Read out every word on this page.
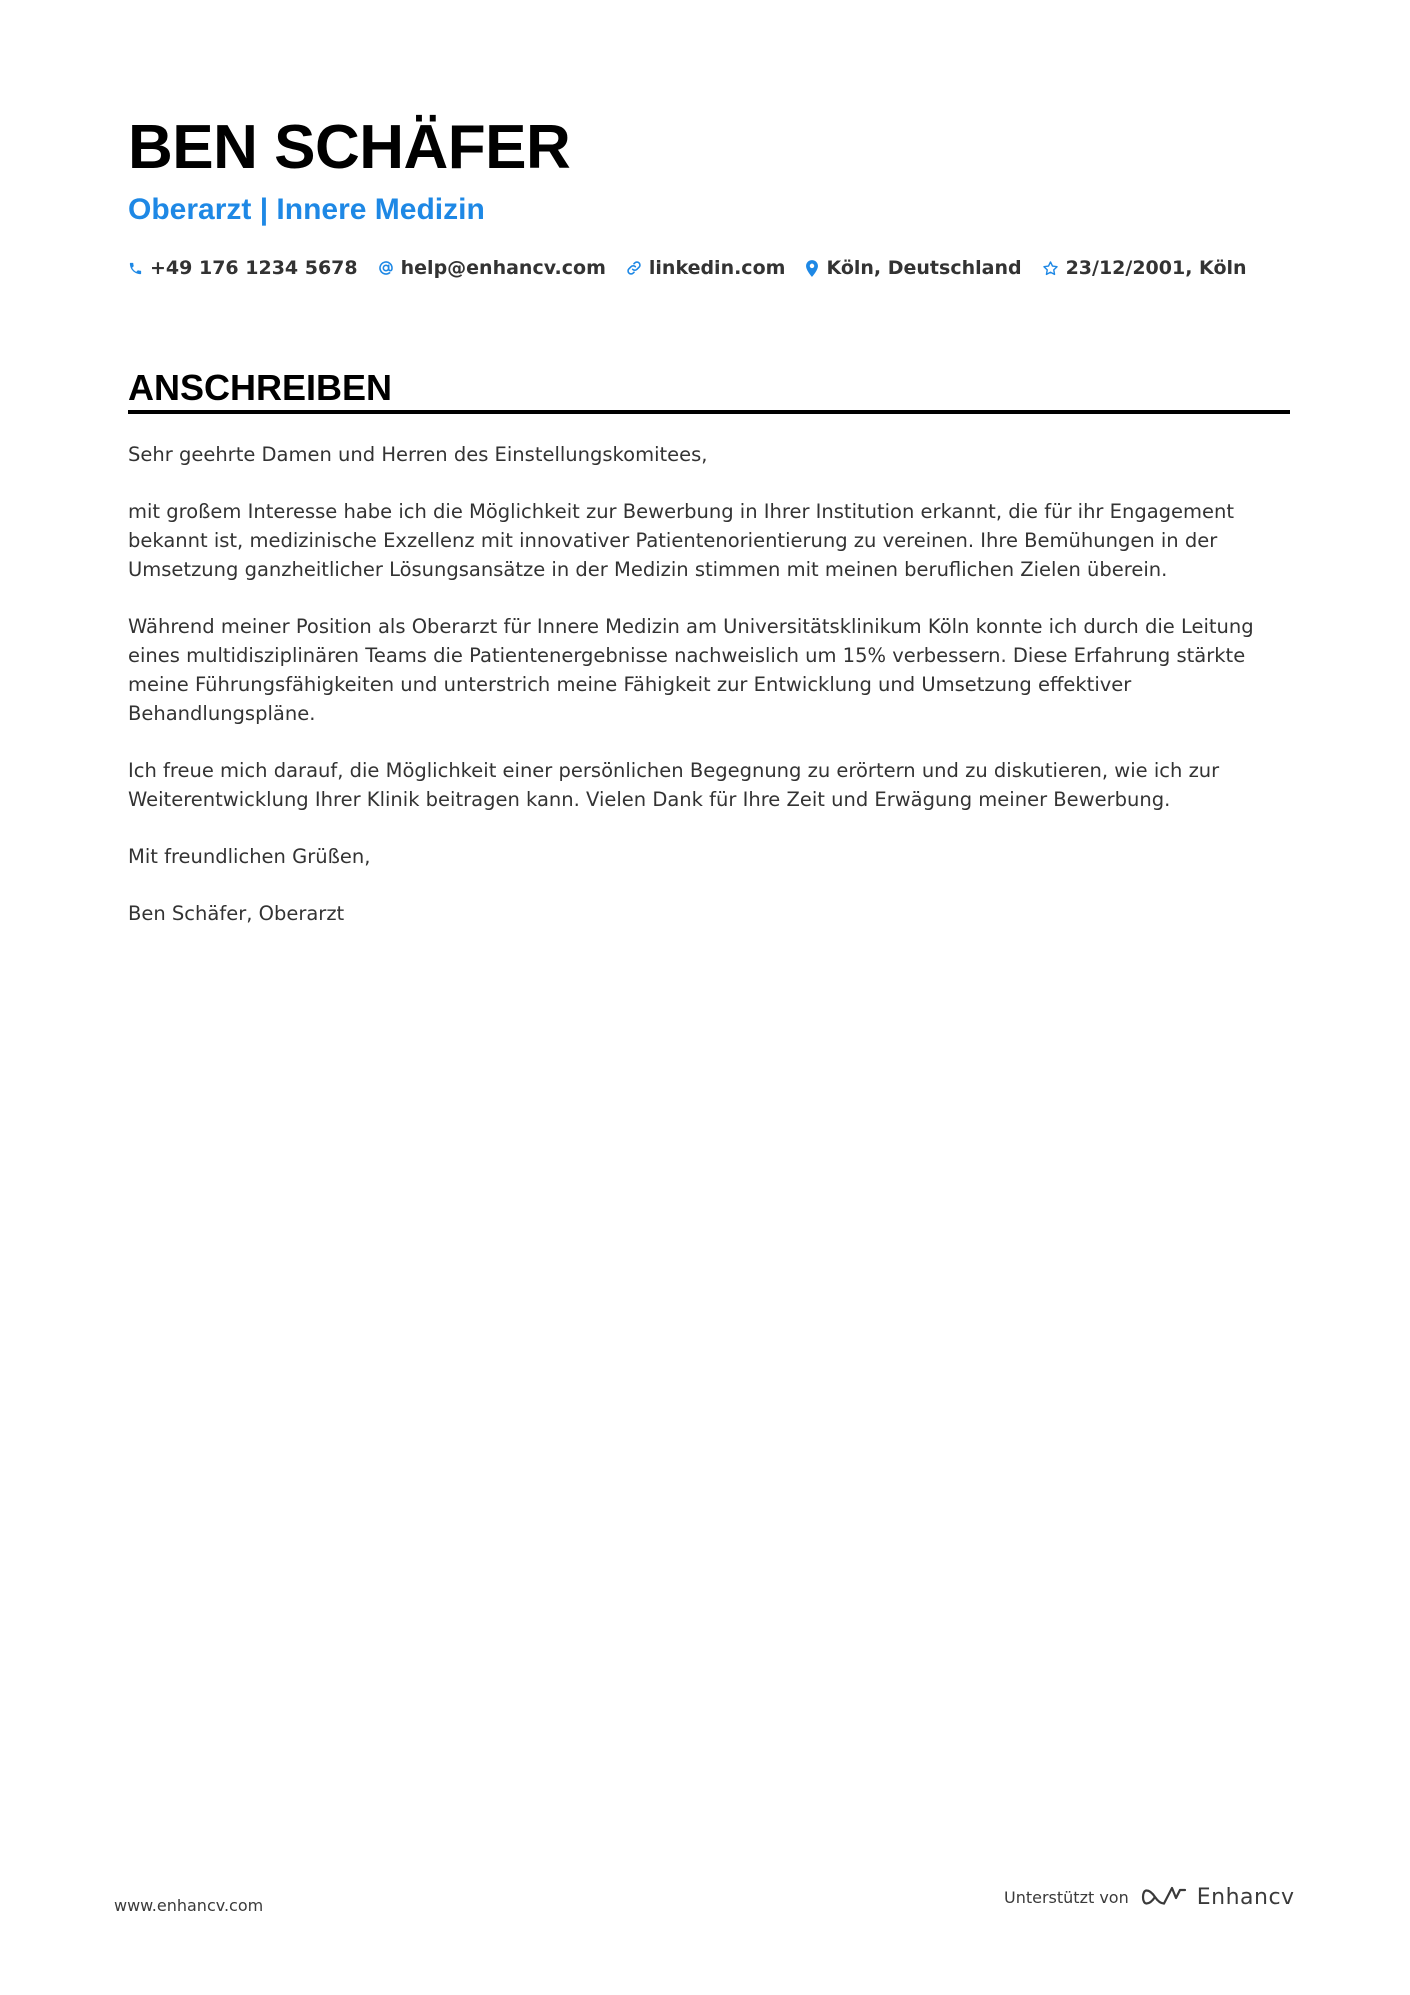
BEN SCHÄFER
Oberarzt | Innere Medizin
+49 176 1234 5678 help@enhancv.com linkedin.com Köln, Deutschland 23/12/2001, Köln
ANSCHREIBEN

Sehr geehrte Damen und Herren des Einstellungskomitees,

mit großem Interesse habe ich die Möglichkeit zur Bewerbung in Ihrer Institution erkannt, die für ihr Engagement bekannt ist, medizinische Exzellenz mit innovativer Patientenorientierung zu vereinen. Ihre Bemühungen in der Umsetzung ganzheitlicher Lösungsansätze in der Medizin stimmen mit meinen beruflichen Zielen überein.

Während meiner Position als Oberarzt für Innere Medizin am Universitätsklinikum Köln konnte ich durch die Leitung eines multidisziplinären Teams die Patientenergebnisse nachweislich um 15% verbessern. Diese Erfahrung stärkte meine Führungsfähigkeiten und unterstrich meine Fähigkeit zur Entwicklung und Umsetzung effektiver Behandlungspläne.

Ich freue mich darauf, die Möglichkeit einer persönlichen Begegnung zu erörtern und zu diskutieren, wie ich zur Weiterentwicklung Ihrer Klinik beitragen kann. Vielen Dank für Ihre Zeit und Erwägung meiner Bewerbung.

Mit freundlichen Grüßen,

Ben Schäfer, Oberarzt

www.enhancv.com	Unterstützt von	Enhancv
